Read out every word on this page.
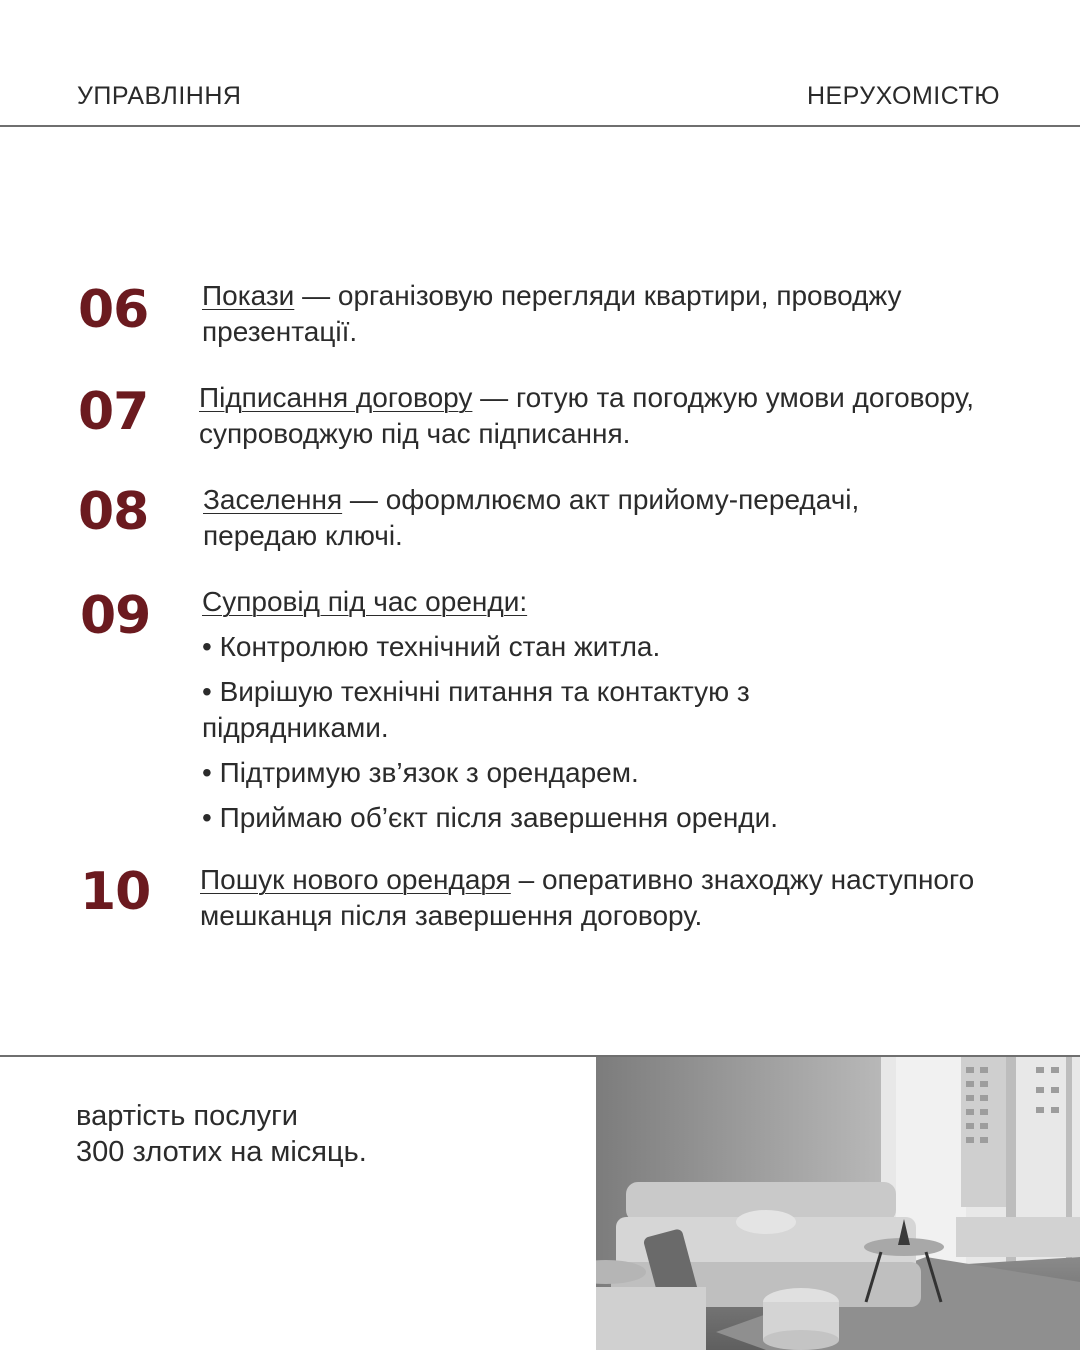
УПРАВЛІННЯ	НЕРУХОМІСТЮ
06	Покази — організовую перегляди квартири, проводжу презентації.
07	Підписання договору — готую та погоджую умови договору, супроводжую під час підписання.
08	Заселення — оформлюємо акт прийому-передачі, передаю ключі.
09	Супровід під час оренди:
• Контролюю технічний стан житла.
• Вирішую технічні питання та контактую з підрядниками.
• Підтримую зв’язок з орендарем.
• Приймаю об’єкт після завершення оренди.
10	Пошук нового орендаря – оперативно знаходжу наступного мешканця після завершення договору.
вартість послуги
300 злотих на місяць.
